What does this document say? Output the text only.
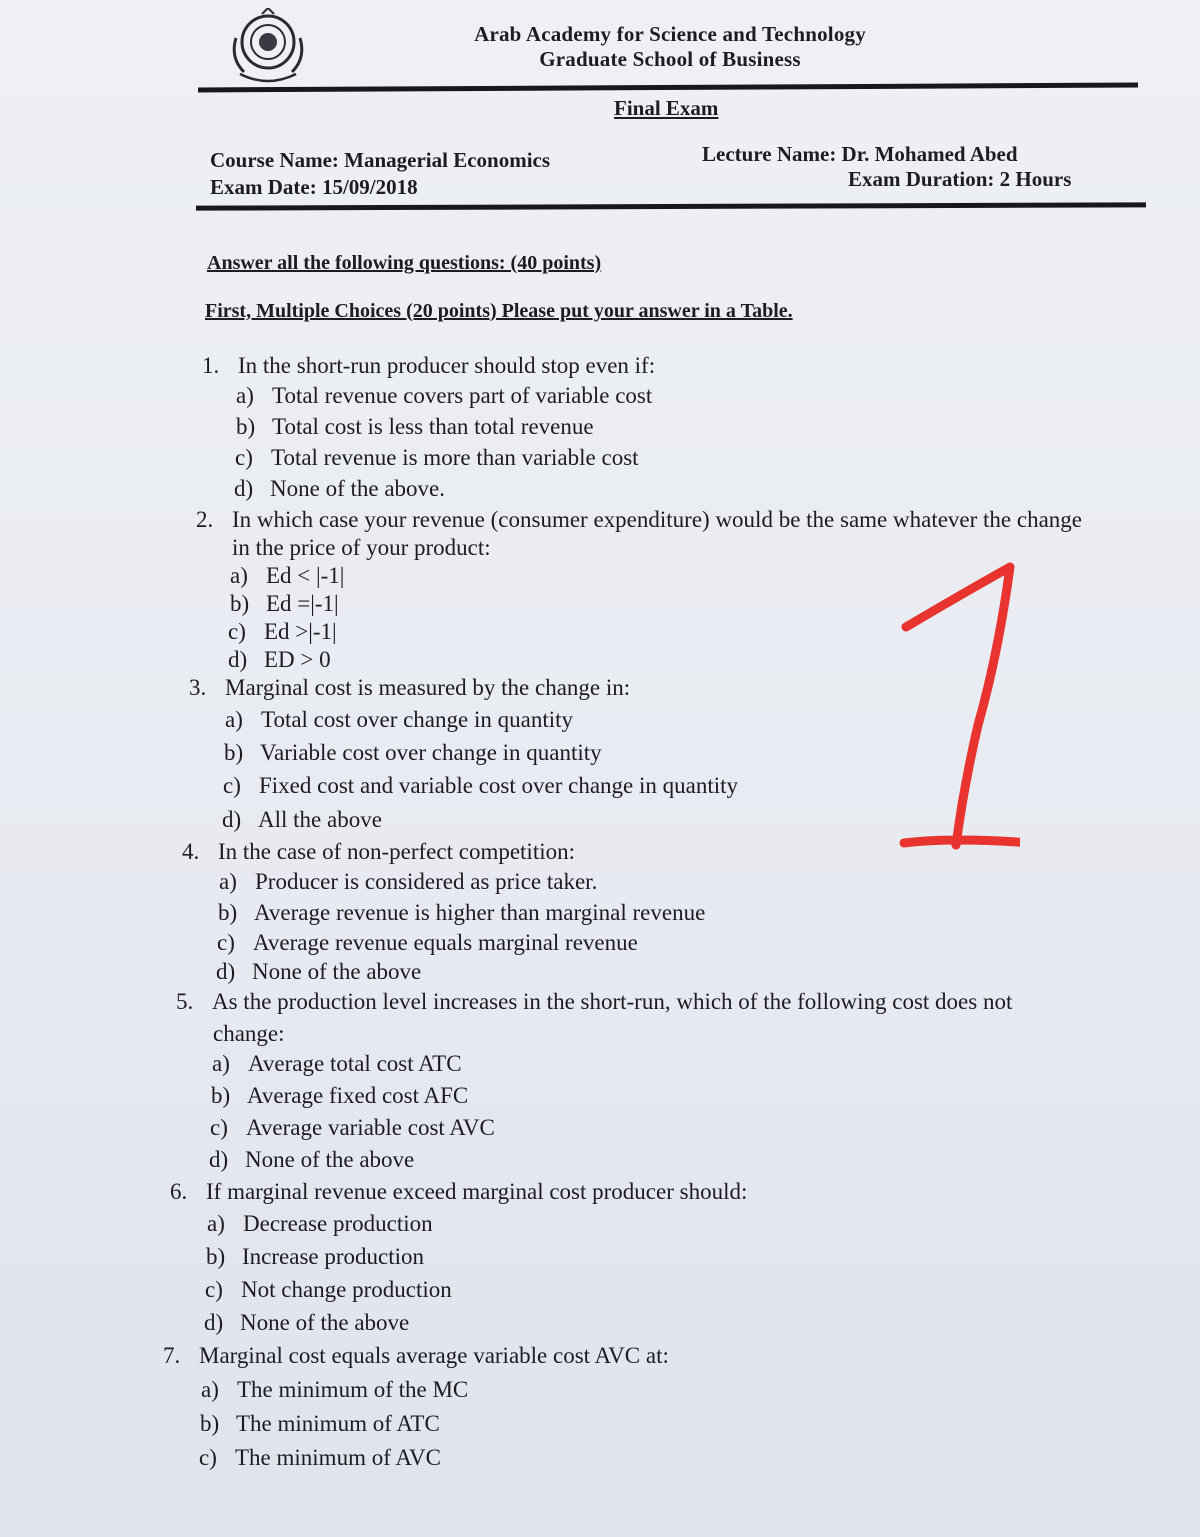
Arab Academy for Science and Technology
Graduate School of Business
Final Exam
Course Name: Managerial Economics
Exam Date: 15/09/2018
Lecture Name: Dr. Mohamed Abed
Exam Duration: 2 Hours
Answer all the following questions: (40 points)
First, Multiple Choices (20 points) Please put your answer in a Table.
1. In the short-run producer should stop even if:
a) Total revenue covers part of variable cost
b) Total cost is less than total revenue
c) Total revenue is more than variable cost
d) None of the above.
2. In which case your revenue (consumer expenditure) would be the same whatever the change
in the price of your product:
a) Ed < |-1|
b) Ed =|-1|
c) Ed >|-1|
d) ED > 0
3. Marginal cost is measured by the change in:
a) Total cost over change in quantity
b) Variable cost over change in quantity
c) Fixed cost and variable cost over change in quantity
d) All the above
4. In the case of non-perfect competition:
a) Producer is considered as price taker.
b) Average revenue is higher than marginal revenue
c) Average revenue equals marginal revenue
d) None of the above
5. As the production level increases in the short-run, which of the following cost does not
change:
a) Average total cost ATC
b) Average fixed cost AFC
c) Average variable cost AVC
d) None of the above
6. If marginal revenue exceed marginal cost producer should:
a) Decrease production
b) Increase production
c) Not change production
d) None of the above
7. Marginal cost equals average variable cost AVC at:
a) The minimum of the MC
b) The minimum of ATC
c) The minimum of AVC
